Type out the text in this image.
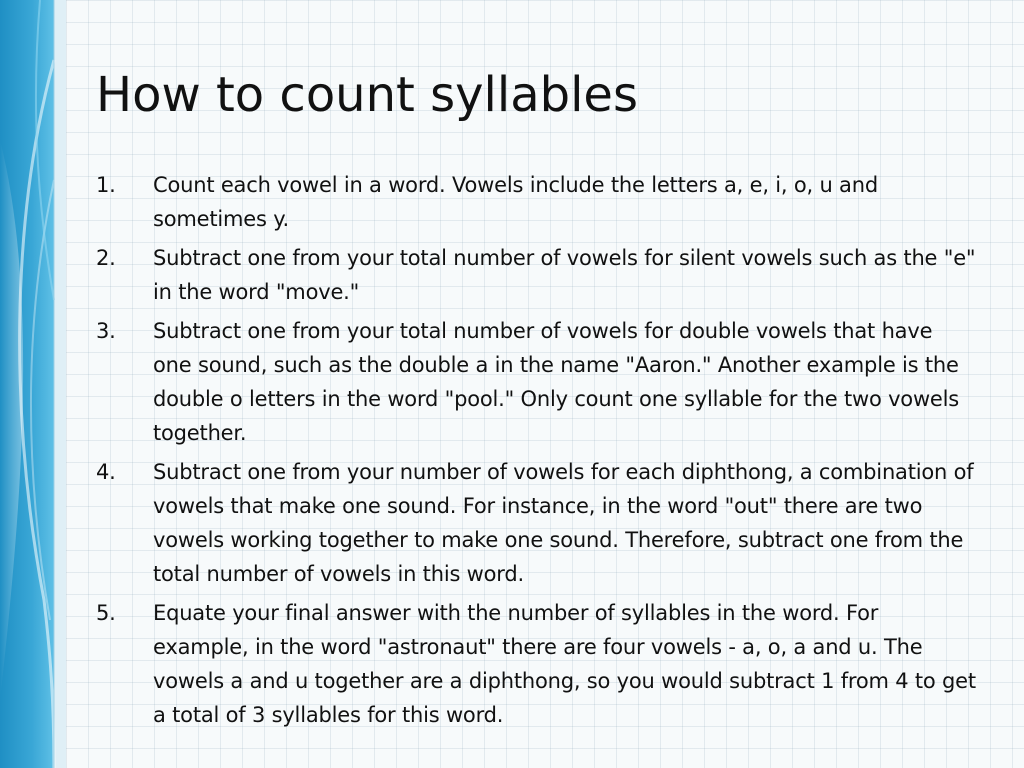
How to count syllables
1.	Count each vowel in a word. Vowels include the letters a, e, i, o, u and sometimes y.
2.	Subtract one from your total number of vowels for silent vowels such as the "e" in the word "move."
3.	Subtract one from your total number of vowels for double vowels that have one sound, such as the double a in the name "Aaron." Another example is the double o letters in the word "pool." Only count one syllable for the two vowels together.
4.	Subtract one from your number of vowels for each diphthong, a combination of vowels that make one sound. For instance, in the word "out" there are two vowels working together to make one sound. Therefore, subtract one from the total number of vowels in this word.
5.	Equate your final answer with the number of syllables in the word. For example, in the word "astronaut" there are four vowels - a, o, a and u. The vowels a and u together are a diphthong, so you would subtract 1 from 4 to get a total of 3 syllables for this word.
